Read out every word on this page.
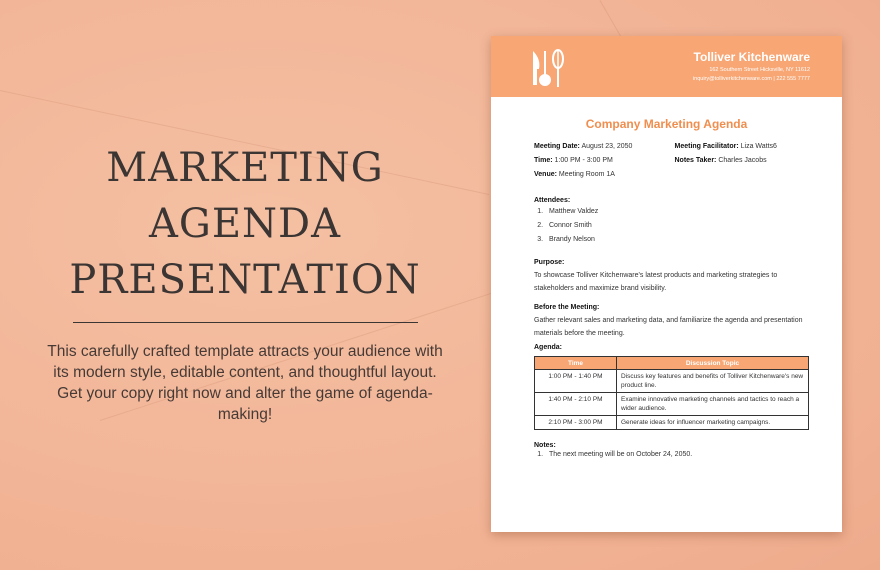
MARKETING AGENDA
PRESENTATION
This carefully crafted template attracts your audience with its modern style, editable content, and thoughtful layout. Get your copy right now and alter the game of agenda-making!
Tolliver Kitchenware
162 Southern Street Hicksville, NY 11612
inquiry@tolliverkitchenware.com | 222 555 7777
Company Marketing Agenda
Meeting Date: August 23, 2050
Time: 1:00 PM - 3:00 PM
Venue: Meeting Room 1A
Meeting Facilitator: Liza Watts6
Notes Taker: Charles Jacobs
Attendees:
1. Matthew Valdez
2. Connor Smith
3. Brandy Nelson
Purpose:

To showcase Tolliver Kitchenware's latest products and marketing strategies to stakeholders and maximize brand visibility.

Before the Meeting:

Gather relevant sales and marketing data, and familiarize the agenda and presentation materials before the meeting.

Agenda:
Time	Discussion Topic
1:00 PM - 1:40 PM	Discuss key features and benefits of Tolliver Kitchenware's new product line.
1:40 PM - 2:10 PM	Examine innovative marketing channels and tactics to reach a wider audience.
2:10 PM - 3:00 PM	Generate ideas for influencer marketing campaigns.
Notes:
1. The next meeting will be on October 24, 2050.
